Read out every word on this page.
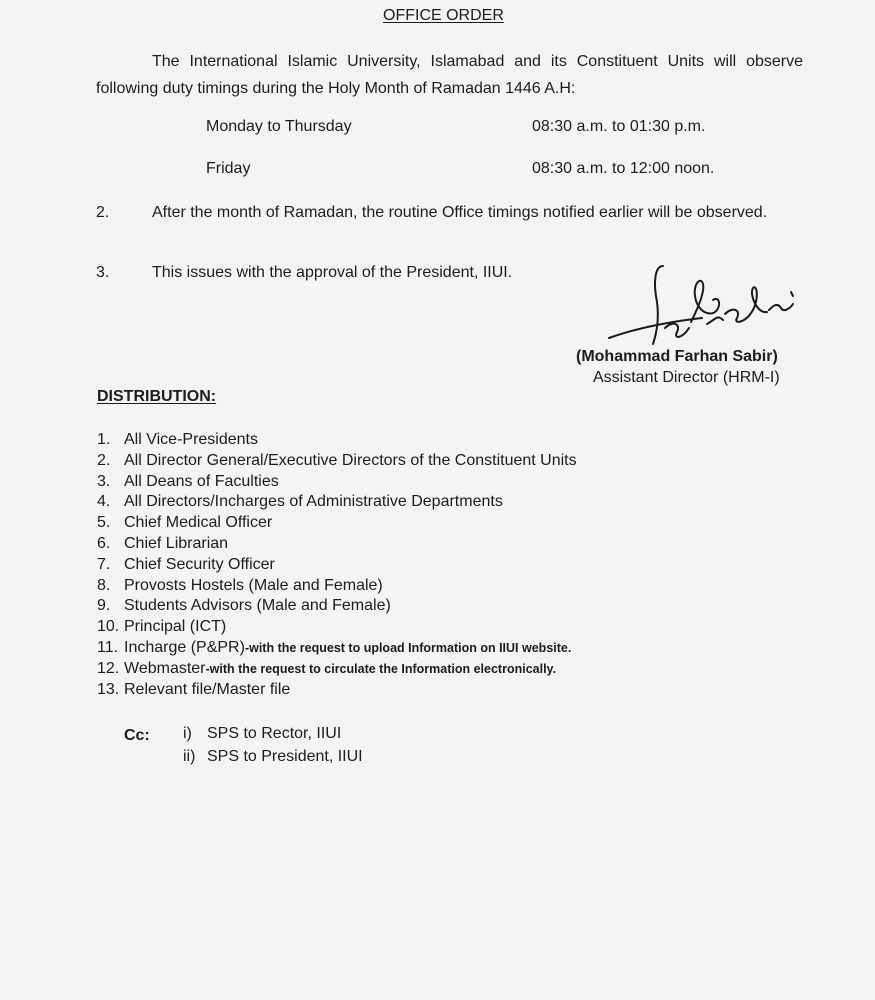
OFFICE ORDER
The International Islamic University, Islamabad and its Constituent Units will observe following duty timings during the Holy Month of Ramadan 1446 A.H:
Monday to Thursday	08:30 a.m. to 01:30 p.m.
Friday	08:30 a.m. to 12:00 noon.
2.	After the month of Ramadan, the routine Office timings notified earlier will be observed.
3.	This issues with the approval of the President, IIUI.
(Mohammad Farhan Sabir)
Assistant Director (HRM-I)
DISTRIBUTION:
1. All Vice-Presidents
2. All Director General/Executive Directors of the Constituent Units
3. All Deans of Faculties
4. All Directors/Incharges of Administrative Departments
5. Chief Medical Officer
6. Chief Librarian
7. Chief Security Officer
8. Provosts Hostels (Male and Female)
9. Students Advisors (Male and Female)
10. Principal (ICT)
11. Incharge (P&PR)-with the request to upload Information on IIUI website.
12. Webmaster-with the request to circulate the Information electronically.
13. Relevant file/Master file
Cc: i) SPS to Rector, IIUI
ii) SPS to President, IIUI
